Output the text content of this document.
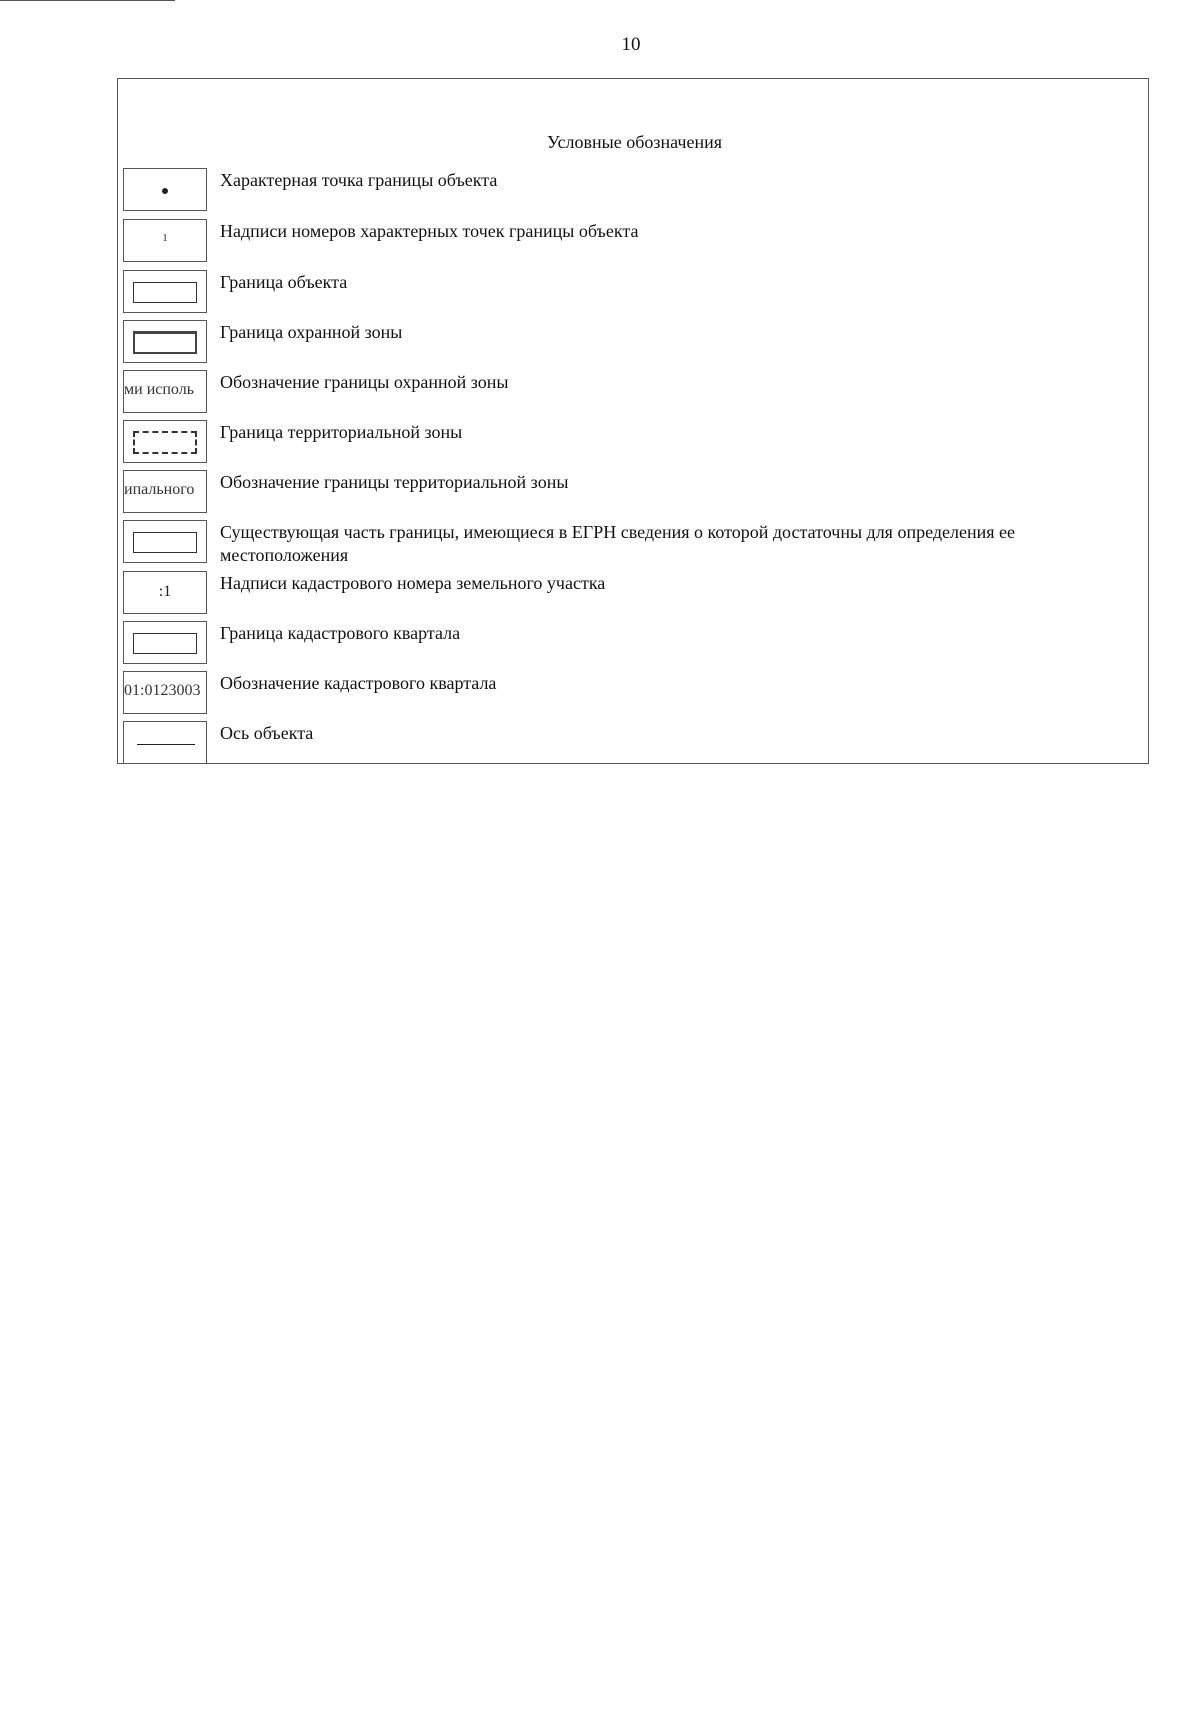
10
Условные обозначения
Характерная точка границы объекта
1	Надписи номеров характерных точек границы объекта
Граница объекта
Граница охранной зоны
ми исполь	Обозначение границы охранной зоны
Граница территориальной зоны
ипального	Обозначение границы территориальной зоны
Существующая часть границы, имеющиеся в ЕГРН сведения о которой достаточны для определения ее местоположения
:1	Надписи кадастрового номера земельного участка
Граница кадастрового квартала
01:0123003	Обозначение кадастрового квартала
Ось объекта
